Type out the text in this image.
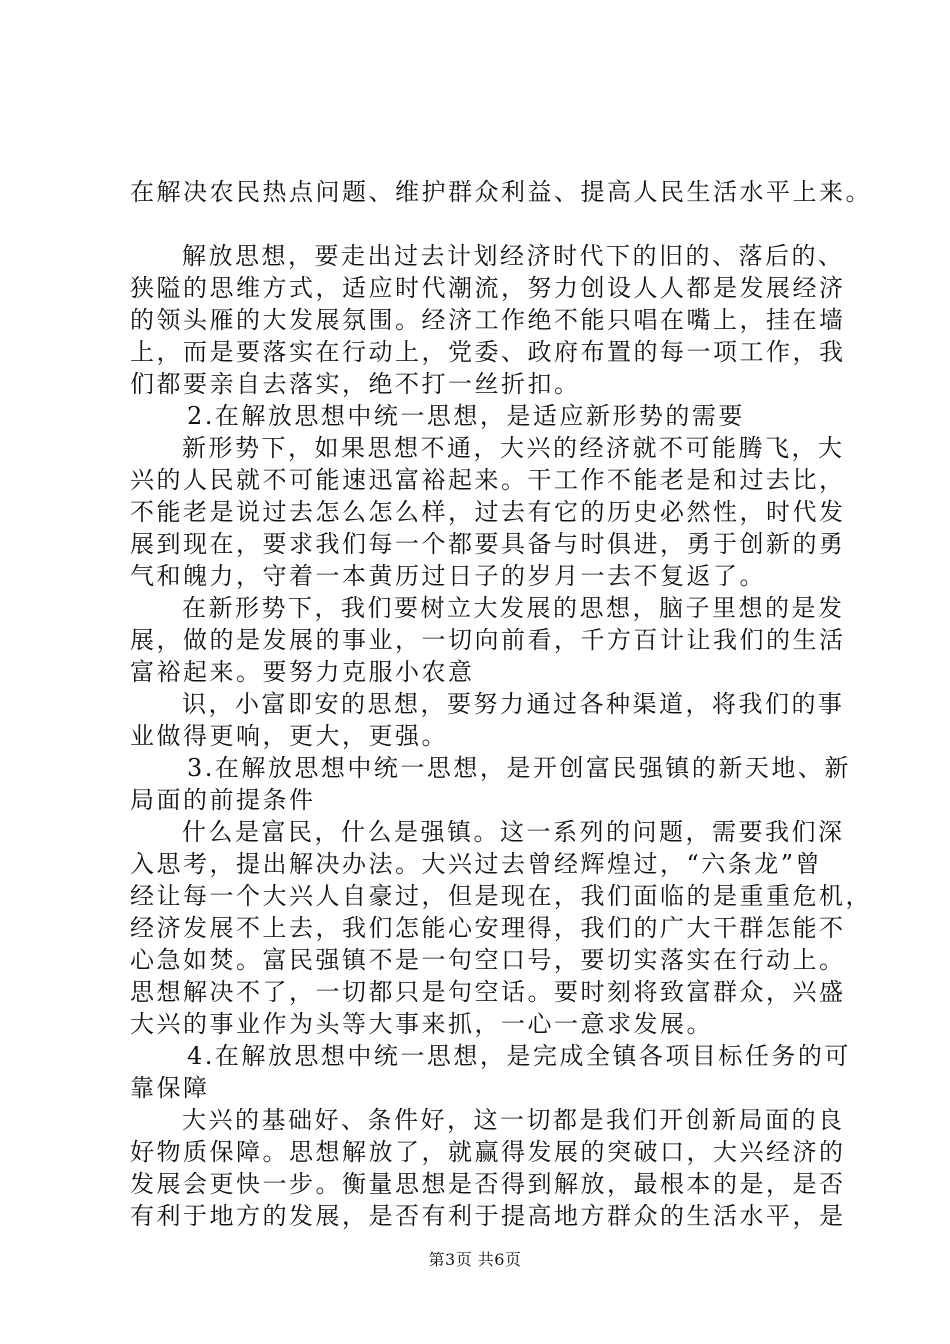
在解决农民热点问题、维护群众利益、提高人民生活水平上来。
解放思想，要走出过去计划经济时代下的旧的、落后的、
狭隘的思维方式，适应时代潮流，努力创设人人都是发展经济
的领头雁的大发展氛围。经济工作绝不能只唱在嘴上，挂在墙
上，而是要落实在行动上，党委、政府布置的每一项工作，我
们都要亲自去落实，绝不打一丝折扣。
2.在解放思想中统一思想，是适应新形势的需要
新形势下，如果思想不通，大兴的经济就不可能腾飞，大
兴的人民就不可能速迅富裕起来。干工作不能老是和过去比，
不能老是说过去怎么怎么样，过去有它的历史必然性，时代发
展到现在，要求我们每一个都要具备与时俱进，勇于创新的勇
气和魄力，守着一本黄历过日子的岁月一去不复返了。
在新形势下，我们要树立大发展的思想，脑子里想的是发
展，做的是发展的事业，一切向前看，千方百计让我们的生活
富裕起来。要努力克服小农意
识，小富即安的思想，要努力通过各种渠道，将我们的事
业做得更响，更大，更强。
3.在解放思想中统一思想，是开创富民强镇的新天地、新
局面的前提条件
什么是富民，什么是强镇。这一系列的问题，需要我们深
入思考，提出解决办法。大兴过去曾经辉煌过，“六条龙”曾
经让每一个大兴人自豪过，但是现在，我们面临的是重重危机，
经济发展不上去，我们怎能心安理得，我们的广大干群怎能不
心急如焚。富民强镇不是一句空口号，要切实落实在行动上。
思想解决不了，一切都只是句空话。要时刻将致富群众，兴盛
大兴的事业作为头等大事来抓，一心一意求发展。
4.在解放思想中统一思想，是完成全镇各项目标任务的可
靠保障
大兴的基础好、条件好，这一切都是我们开创新局面的良
好物质保障。思想解放了，就赢得发展的突破口，大兴经济的
发展会更快一步。衡量思想是否得到解放，最根本的是，是否
有利于地方的发展，是否有利于提高地方群众的生活水平，是
第3页 共6页
